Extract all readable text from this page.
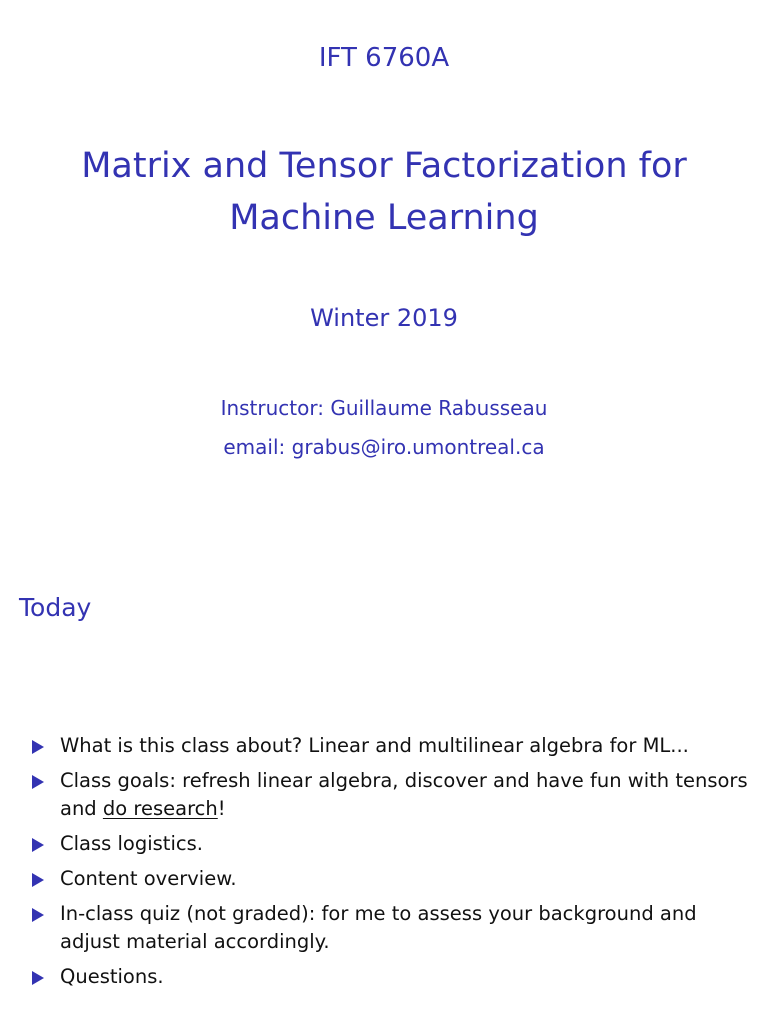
IFT 6760A
Matrix and Tensor Factorization for
Machine Learning
Winter 2019
Instructor: Guillaume Rabusseau
email: grabus@iro.umontreal.ca
Today
What is this class about? Linear and multilinear algebra for ML...
Class goals: refresh linear algebra, discover and have fun with tensors and do research!
Class logistics.
Content overview.
In-class quiz (not graded): for me to assess your background and adjust material accordingly.
Questions.
